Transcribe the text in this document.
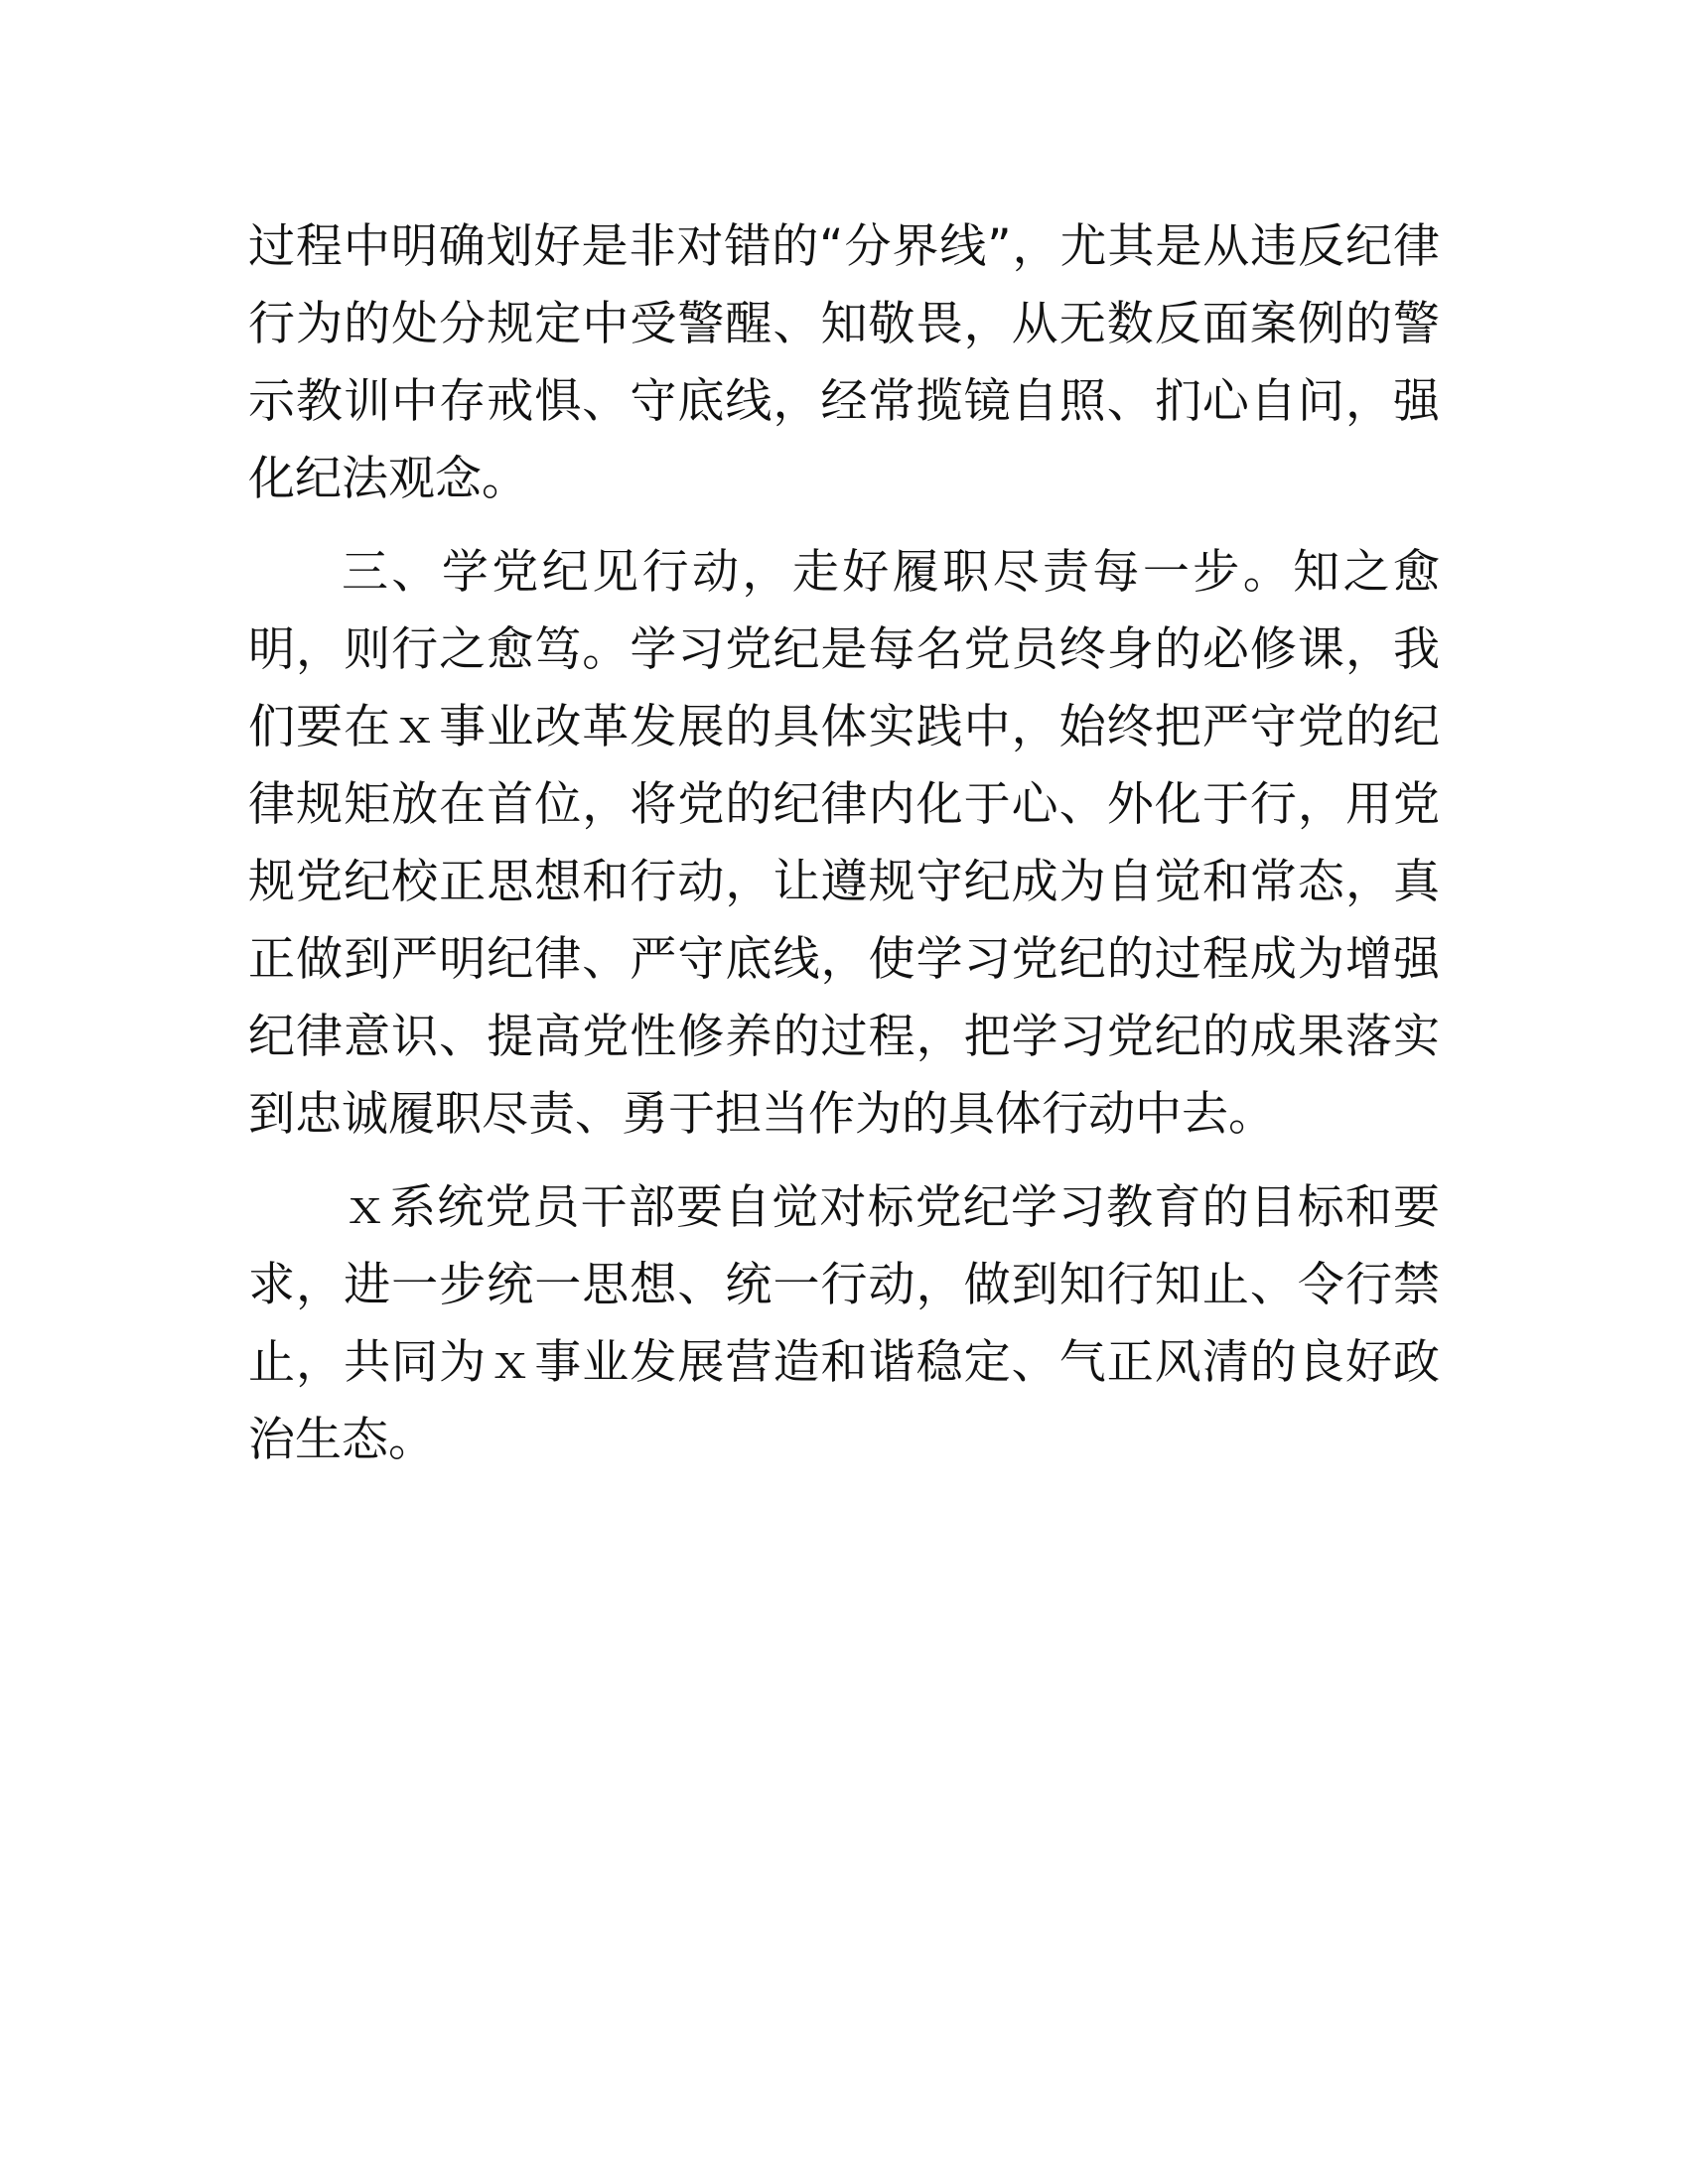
过程中明确划好是非对错的“分界线”，尤其是从违反纪律行为的处分规定中受警醒、知敬畏，从无数反面案例的警示教训中存戒惧、守底线，经常揽镜自照、扪心自问，强化纪法观念。

三、学党纪见行动，走好履职尽责每一步。知之愈明，则行之愈笃。学习党纪是每名党员终身的必修课，我们要在ｘ事业改革发展的具体实践中，始终把严守党的纪律规矩放在首位，将党的纪律内化于心、外化于行，用党规党纪校正思想和行动，让遵规守纪成为自觉和常态，真正做到严明纪律、严守底线，使学习党纪的过程成为增强纪律意识、提高党性修养的过程，把学习党纪的成果落实到忠诚履职尽责、勇于担当作为的具体行动中去。

ｘ系统党员干部要自觉对标党纪学习教育的目标和要求，进一步统一思想、统一行动，做到知行知止、令行禁止，共同为ｘ事业发展营造和谐稳定、气正风清的良好政治生态。
